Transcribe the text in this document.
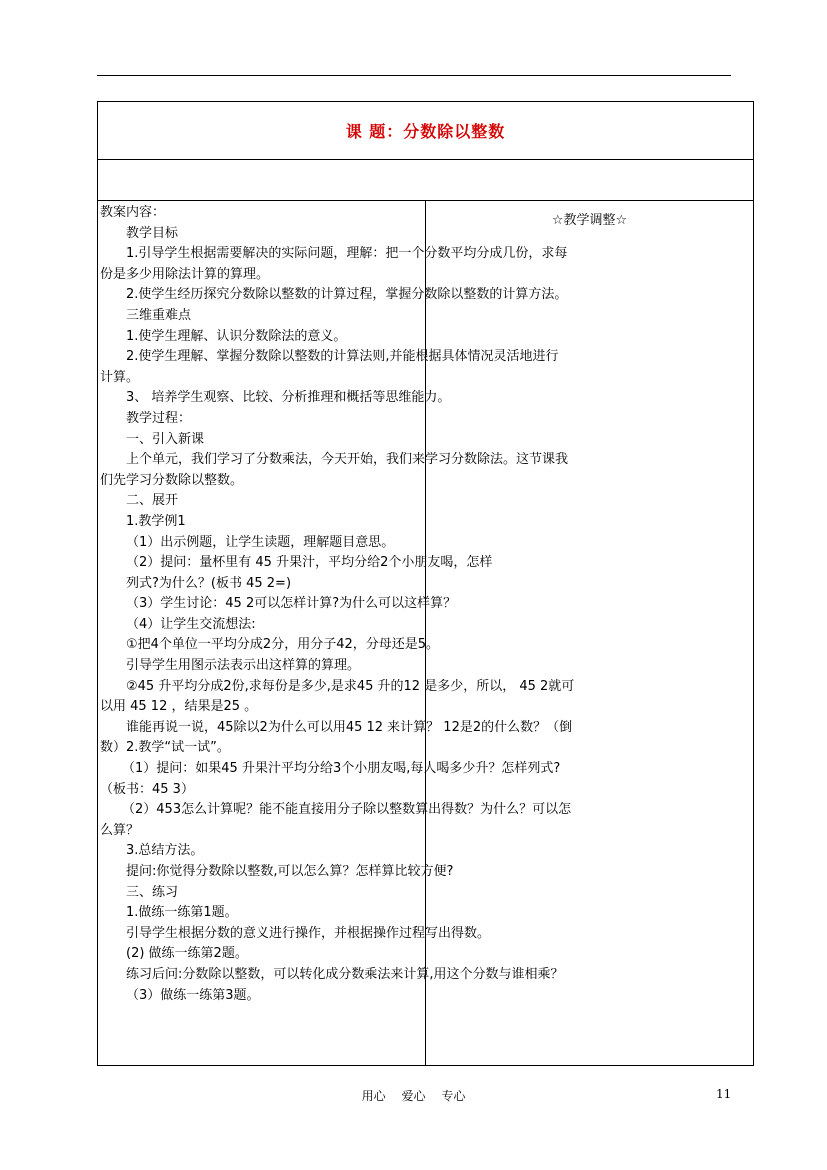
课 题：分数除以整数

教案内容：

教学目标

1.引导学生根据需要解决的实际问题，理解：把一个分数平均分成几份，求每

份是多少用除法计算的算理。

2.使学生经历探究分数除以整数的计算过程，掌握分数除以整数的计算方法。

三维重难点

1.使学生理解、认识分数除法的意义。

2.使学生理解、掌握分数除以整数的计算法则,并能根据具体情况灵活地进行

计算。

3、 培养学生观察、比较、分析推理和概括等思维能力。

教学过程：

一、引入新课

上个单元，我们学习了分数乘法，今天开始，我们来学习分数除法。这节课我

们先学习分数除以整数。

二、展开

1.教学例1

（1）出示例题，让学生读题，理解题目意思。

（2）提问：量杯里有 45 升果汁，平均分给2个小朋友喝，怎样

列式?为什么？(板书 45 2=)

（3）学生讨论：45 2可以怎样计算?为什么可以这样算？

（4）让学生交流想法:

①把4个单位一平均分成2分，用分子42，分母还是5。

引导学生用图示法表示出这样算的算理。

②45 升平均分成2份,求每份是多少,是求45 升的12 是多少，所以， 45 2就可

以用 45 12 ，结果是25 。

谁能再说一说，45除以2为什么可以用45 12 来计算？ 12是2的什么数？（倒

数）2.教学“试一试”。

（1）提问：如果45 升果汁平均分给3个小朋友喝,每人喝多少升？怎样列式?

（板书：45 3）

（2）453怎么计算呢？能不能直接用分子除以整数算出得数？为什么？可以怎

么算？

3.总结方法。

提问:你觉得分数除以整数,可以怎么算？怎样算比较方便?

三、练习

1.做练一练第1题。

引导学生根据分数的意义进行操作，并根据操作过程写出得数。

(2) 做练一练第2题。

练习后问:分数除以整数，可以转化成分数乘法来计算,用这个分数与谁相乘？

（3）做练一练第3题。

	☆教学调整☆
用心 爱心 专心	11
